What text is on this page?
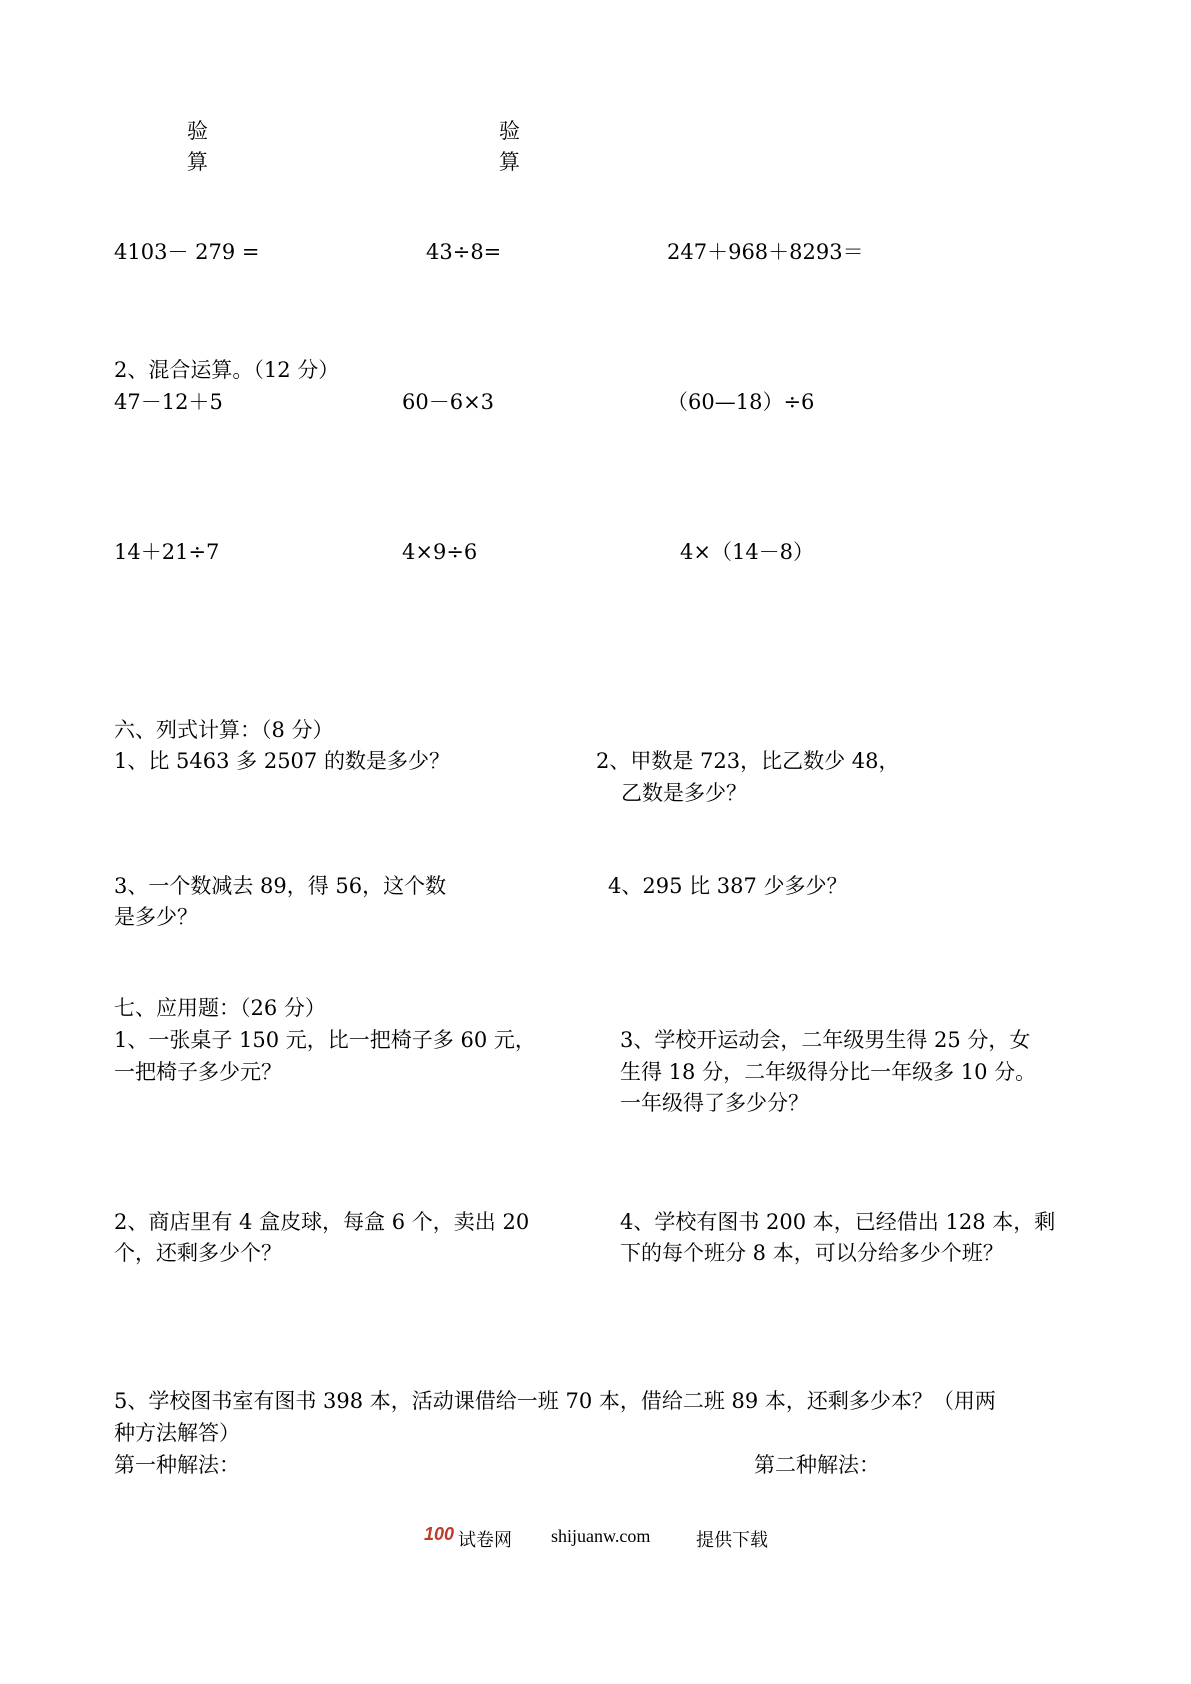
验
算
验
算
4103－ 279 =	43÷8=	247＋968＋8293＝
2、混合运算。（12 分）
47－12＋5	60－6×3	（60—18）÷6
14＋21÷7	4×9÷6	4×（14－8）
六、列式计算：（8 分）
1、比 5463 多 2507 的数是多少？	2、甲数是 723，比乙数少 48，
乙数是多少？
3、一个数减去 89，得 56，这个数
是多少？
4、295 比 387 少多少？
七、应用题：（26 分）
1、一张桌子 150 元，比一把椅子多 60 元，
一把椅子多少元？
3、学校开运动会，二年级男生得 25 分，女
生得 18 分，二年级得分比一年级多 10 分。
一年级得了多少分？
2、商店里有 4 盒皮球，每盒 6 个，卖出 20
个，还剩多少个？
4、学校有图书 200 本，已经借出 128 本，剩
下的每个班分 8 本，可以分给多少个班？
5、学校图书室有图书 398 本，活动课借给一班 70 本，借给二班 89 本，还剩多少本？（用两
种方法解答）
第一种解法：	第二种解法：
100 试卷网 shijuanw.com	提供下载
